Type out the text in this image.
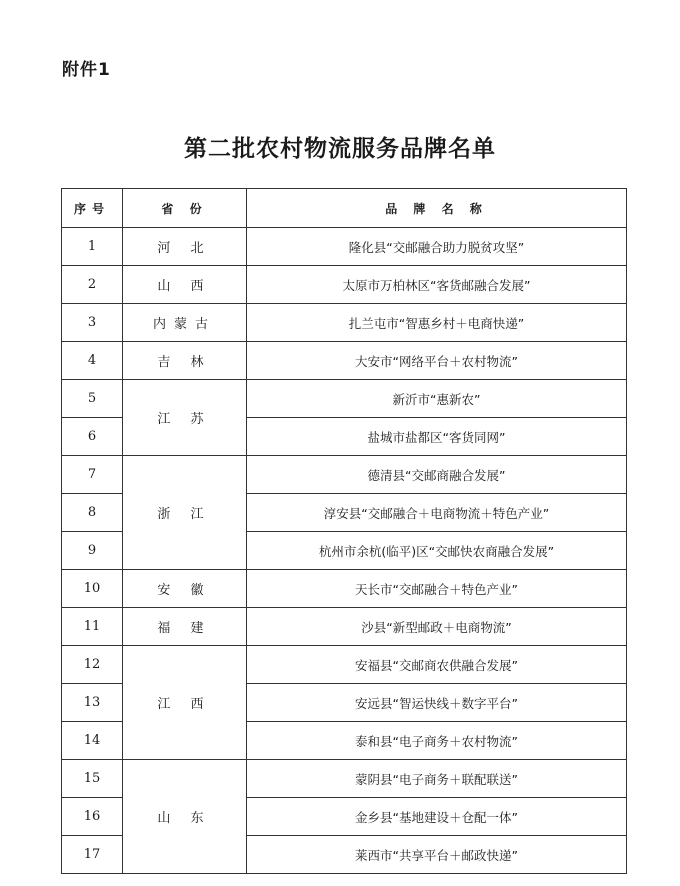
附件1
第二批农村物流服务品牌名单
序号	省 份	品 牌 名 称
1	河 北	隆化县“交邮融合助力脱贫攻坚”
2	山 西	太原市万柏林区“客货邮融合发展”
3	内蒙古	扎兰屯市“智惠乡村＋电商快递”
4	吉 林	大安市“网络平台＋农村物流”
5	江 苏	新沂市“惠新农”
6		盐城市盐都区“客货同网”
7	浙 江	德清县“交邮商融合发展”
8		淳安县“交邮融合＋电商物流＋特色产业”
9		杭州市余杭(临平)区“交邮快农商融合发展”
10	安 徽	天长市“交邮融合＋特色产业”
11	福 建	沙县“新型邮政＋电商物流”
12	江 西	安福县“交邮商农供融合发展”
13		安远县“智运快线＋数字平台”
14		泰和县“电子商务＋农村物流”
15	山 东	蒙阴县“电子商务＋联配联送”
16		金乡县“基地建设＋仓配一体”
17		莱西市“共享平台＋邮政快递”
